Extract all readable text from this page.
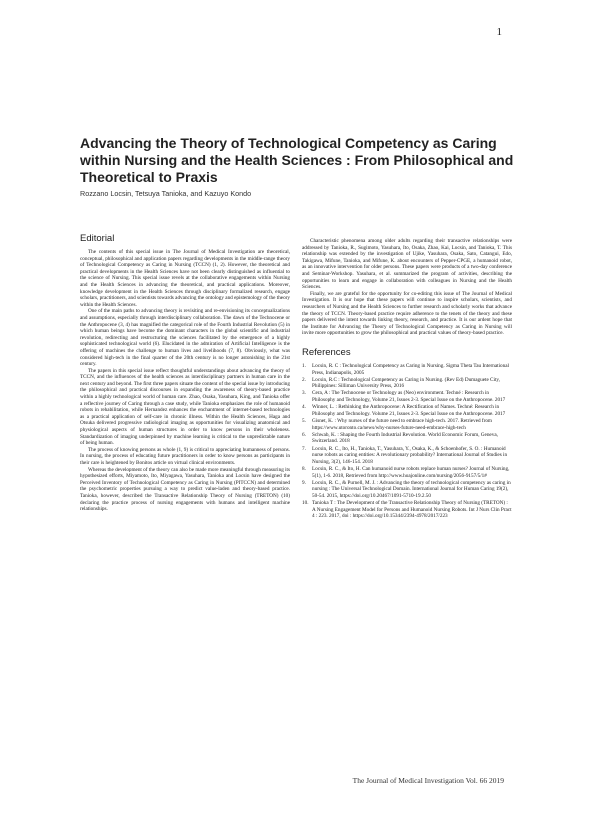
1
Advancing the Theory of Technological Competency as Caring within Nursing and the Health Sciences : From Philosophical and Theoretical to Praxis
Rozzano Locsin, Tetsuya Tanioka, and Kazuyo Kondo
Editorial

The contents of this special issue in The Journal of Medical Investigation are theoretical, conceptual, philosophical and application papers regarding developments in the middle-range theory of Technological Competency as Caring in Nursing (TCCN) (1, 2). However, the theoretical and practical developments in the Health Sciences have not been clearly distinguished as influential to the science of Nursing. This special issue revels at the collaborative engagements within Nursing and the Health Sciences in advancing the theoretical, and practical applications. Moreover, knowledge development in the Health Sciences through disciplinary formalized research, engage scholars, practitioners, and scientists towards advancing the ontology and epistemology of the theory within the Health Sciences.

One of the main paths to advancing theory is revisiting and re-envisioning its conceptualizations and assumptions, especially through interdisciplinary collaboration. The dawn of the Technocene or the Anthropocene (3, 4) has magnified the categorical role of the Fourth Industrial Revolution (5) in which human beings have become the dominant characters in the global scientific and industrial revolution, redirecting and restructuring the sciences facilitated by the emergence of a highly sophisticated technological world (6). Elucidated in the admiration of Artificial Intelligence is the offering of machines the challenge to human lives and livelihoods (7, 8). Obviously, what was considered high-tech in the final quarter of the 20th century is no longer astonishing in the 21st century.

The papers in this special issue reflect thoughtful understandings about advancing the theory of TCCN, and the influences of the health sciences as interdisciplinary partners in human care in the next century and beyond. The first three papers situate the content of the special issue by introducing the philosophical and practical discourses in expanding the awareness of theory-based practice within a highly technological world of human care. Zhao, Osaka, Yasuhara, King, and Tanioka offer a reflective journey of Caring through a case study, while Tanioka emphasizes the role of humanoid robots in rehabilitation, while Hernandez enhances the enchantment of internet-based technologies as a practical application of self-care in chronic illness. Within the Health Sciences, Haga and Otsuka delivered progressive radiological imaging as opportunities for visualizing anatomical and physiological aspects of human structures in order to know persons in their wholeness. Standardization of imaging underpinned by machine learning is critical to the unpredictable nature of being human.

The process of knowing persons as whole (1, 9) is critical to appreciating humanness of persons. In nursing, the process of educating future practitioners in order to know persons as participants in their care is heightened by Bonitos article on virtual clinical environments.

Whereas the development of the theory can also be made more meaningful through measuring its hypothesized efforts, Miyamoto, Ito, Miyagawa, Yasuhara, Tanioka and Locsin have designed the Perceived Inventory of Technological Competency as Caring in Nursing (PITCCN) and determined the psychometric properties pursuing a way to predict value-laden and theory-based practice. Tanioka, however, described the Transactive Relationship Theory of Nursing (TRETON) (10) declaring the practice process of nursing engagements with humans and intelligent machine relationships.

Characteristic phenomena among older adults regarding their transactive relationships were addressed by Tanioka, R., Sugimoto, Yasuhara, Ito, Osaka, Zhao, Kai, Locsin, and Tanioka, T. This relationship was extended by the investigation of Ujike, Yasuhara, Osaka, Sato, Catangui, Edo, Takigawa, Mifune, Tanioka, and Mifune, K. about encounters of Pepper-CPGE, a humanoid robot, as an innovative intervention for older persons. These papers were products of a two-day conference and Seminar-Workshop. Yasuhara, et al. summarized the program of activities, describing the opportunities to learn and engage in collaboration with colleagues in Nursing and the Health Sciences.

Finally, we are grateful for the opportunity for co-editing this issue of The Journal of Medical Investigation. It is our hope that these papers will continue to inspire scholars, scientists, and researchers of Nursing and the Health Sciences to further research and scholarly works that advance the theory of TCCN. Theory-based practice require adherence to the tenets of the theory and these papers delivered the intent towards linking theory, research, and practice. It is our ardent hope that the Institute for Advancing the Theory of Technological Competency as Caring in Nursing will invite more opportunities to grow the philosophical and practical values of theory-based practice.

References
1.	Locsin, R. C : Technological Competency as Caring in Nursing. Sigma Theta Tau International Press, Indianapolis, 2005
2.	Locsin, R.C : Technological Competency as Caring in Nursing. (Rev Ed) Dumaguete City, Philippines: Silliman University Press, 2016
3.	Cera, A : The Technocene or Technology as (Neo) environment. Techné : Research in Philosophy and Technology, Volume 21, Issues 2-3. Special Issue on the Anthropocene. 2017
4.	Winner, L. : Rethinking the Anthropocene: A Rectification of Names. Techné: Research in Philosophy and Technology. Volume 21, Issues 2-3. Special Issue on the Anthropocene. 2017
5.	Gisnet, K. : Why nurses of the future need to embrace high-tech. 2017. Retrieved from https://www.utoronto.ca/news/why-nurses-future-need-embrace-high-tech
6.	Schwab, K. : Shaping the Fourth Industrial Revolution. World Economic Forum, Geneva, Switzerland. 2018
7.	Locsin, R. C., Ito, H., Tanioka, T., Yasuhara, Y., Osaka, K., & Schoenhofer, S. O. : Humanoid nurse robots as caring entities: A revolutionary probability? International Journal of Studies in Nursing, 3(2), 146-154. 2018
8.	Locsin, R. C., & Ito, H. Can humanoid nurse robots replace human nurses? Journal of Nursing, 5(1), 1-6. 2018, Retrieved from http://www.hoajonline.com/nursing/2056-9157/5/1#
9.	Locsin, R. C., & Purnell, M. J. : Advancing the theory of technological competency as caring in nursing : The Universal Technological Domain. International Journal for Human Caring 19(2), 50-54. 2015, https://doi.org/10.20467/1091-5710-19.2.50
10. Tanioka T : The Development of the Transactive Relationship Theory of Nursing (TRETON) : A Nursing Engagement Model for Persons and Humanoid Nursing Robots. Int J Nurs Clin Pract 4 : 223. 2017, doi : https://doi.org/10.15344/2394-4978/2017/223
The Journal of Medical Investigation Vol. 66 2019
